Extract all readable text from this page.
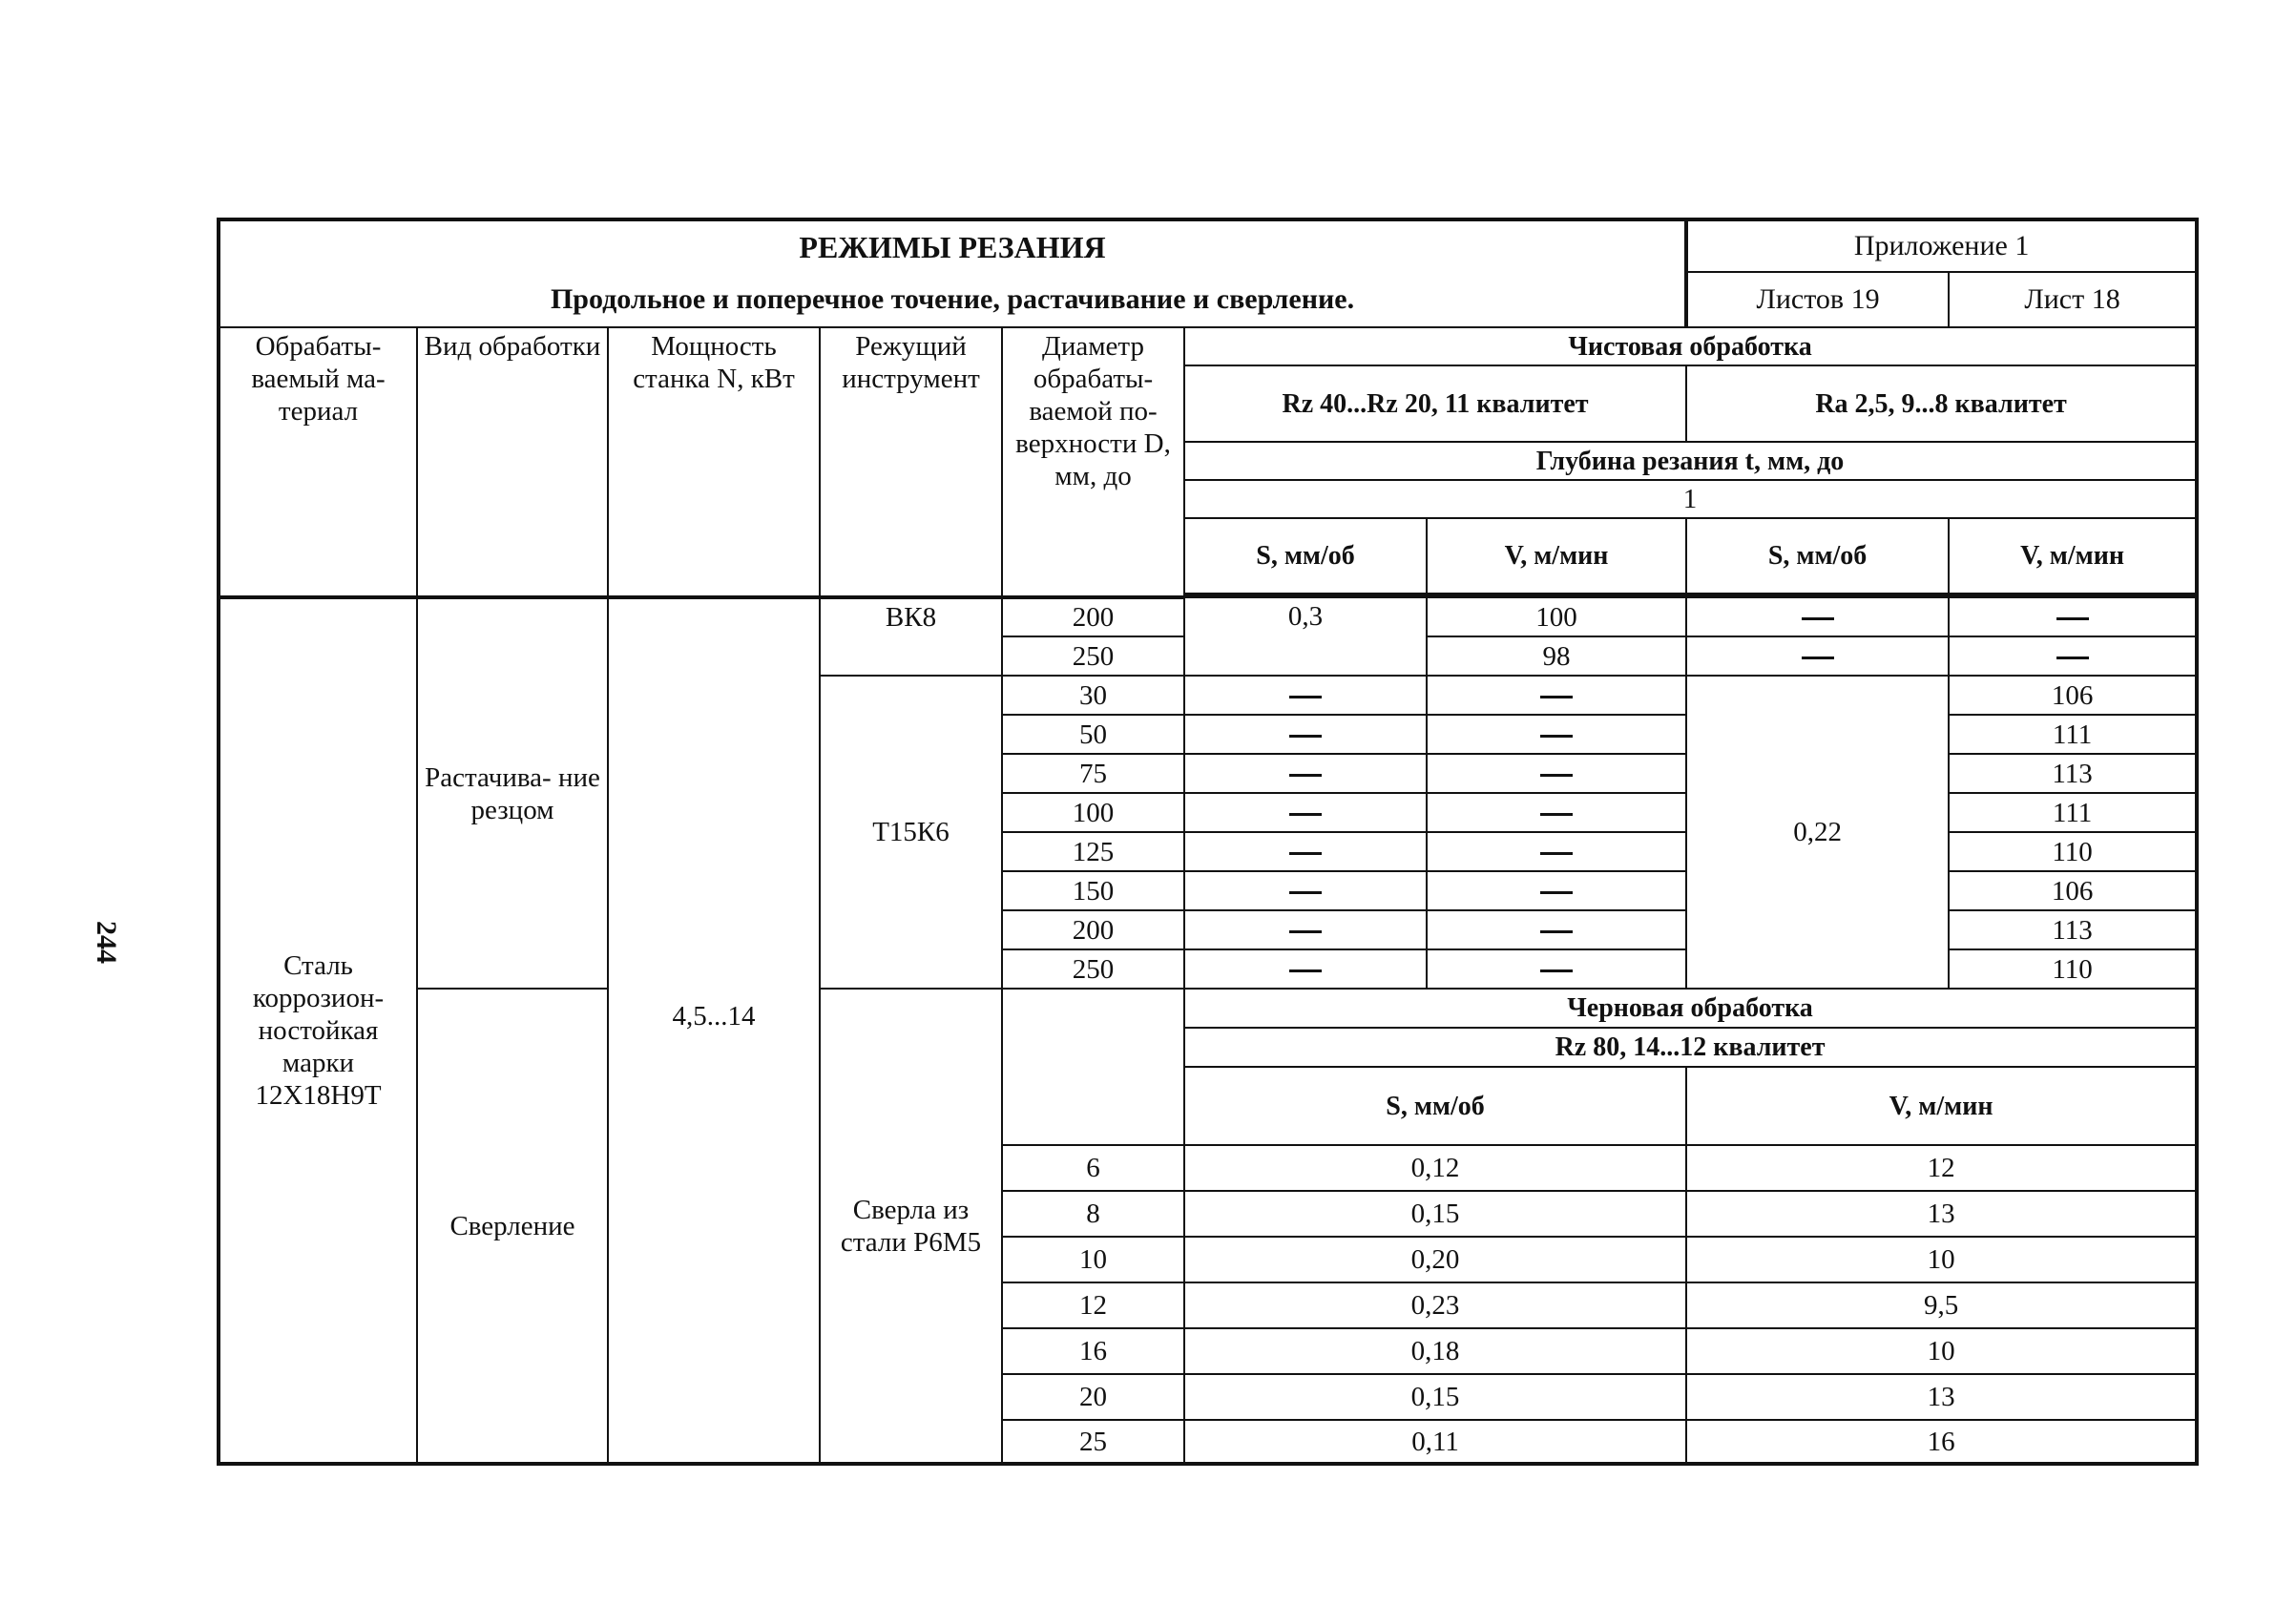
244
РЕЖИМЫ РЕЗАНИЯ							Приложение 1	
Продольное и поперечное точение, растачивание и сверление.							Листов 19	Лист 18
Обрабаты- ваемый ма- териал	Вид обработки	Мощность станка N, кВт	Режущий инструмент	Диаметр обрабаты- ваемой по- верхности D, мм, до	Чистовая обработка			
					Rz 40...Rz 20, 11 квалитет		Ra 2,5, 9...8 квалитет	
					Глубина резания t, мм, до			
					1			
					S, мм/об	V, м/мин	S, мм/об	V, м/мин

Сталь коррозион- ностойкая марки 12Х18Н9Т	Растачива- ние резцом	4,5...14	ВК8	200	0,3	100		
				250		98		
			Т15К6	30			0,22	106
				50				111
				75				113
				100				111
				125				110
				150				106
				200				113
				250				110
	Сверление		Сверла из стали Р6М5		Черновая обработка			
					Rz 80, 14...12 квалитет			
					S, мм/об		V, м/мин	
				6	0,12		12	
				8	0,15		13	
				10	0,20		10	
				12	0,23		9,5	
				16	0,18		10	
				20	0,15		13	
				25	0,11		16	
